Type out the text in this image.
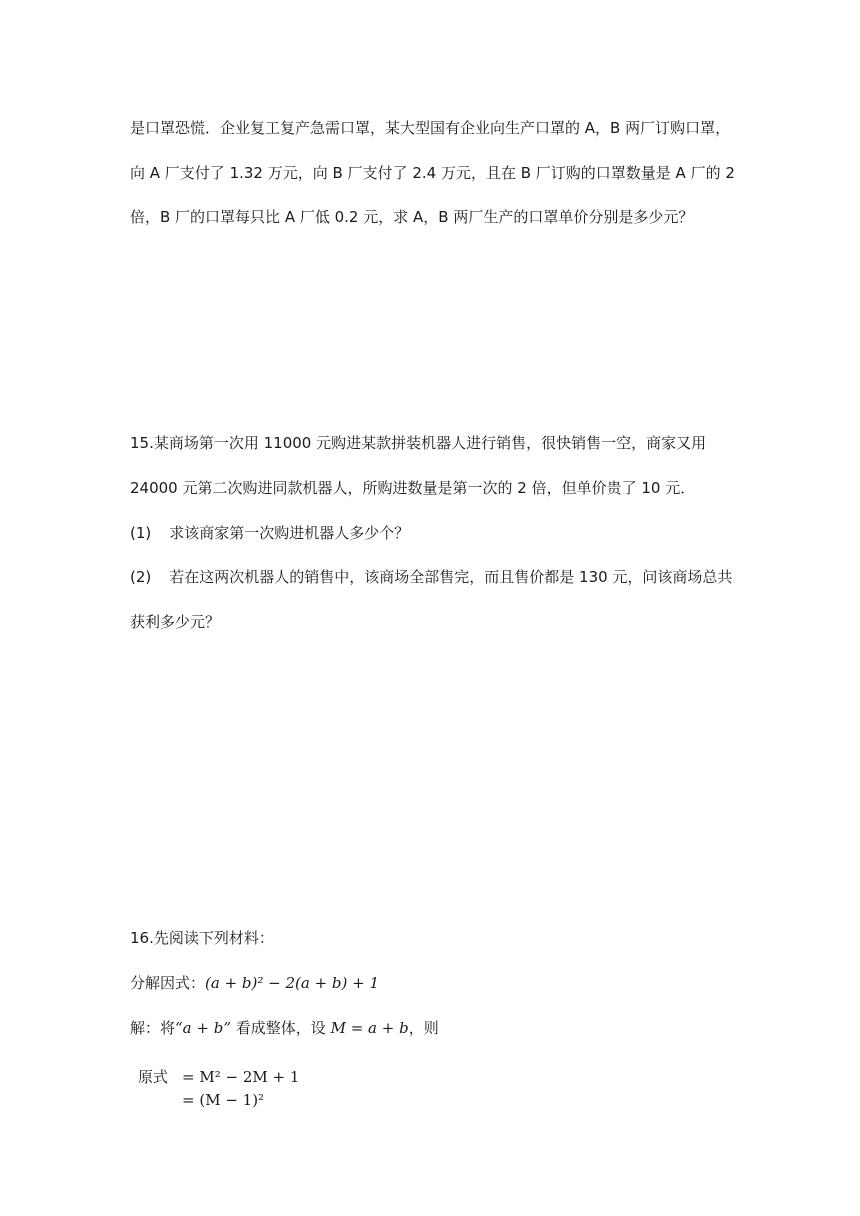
是口罩恐慌．企业复工复产急需口罩，某大型国有企业向生产口罩的 A，B 两厂订购口罩，
向 A 厂支付了 1.32 万元，向 B 厂支付了 2.4 万元，且在 B 厂订购的口罩数量是 A 厂的 2
倍，B 厂的口罩每只比 A 厂低 0.2 元，求 A，B 两厂生产的口罩单价分别是多少元？
15.某商场第一次用 11000 元购进某款拼装机器人进行销售，很快销售一空，商家又用
24000 元第二次购进同款机器人，所购进数量是第一次的 2 倍，但单价贵了 10 元．
(1) 求该商家第一次购进机器人多少个？
(2) 若在这两次机器人的销售中，该商场全部售完，而且售价都是 130 元，问该商场总共
获利多少元？
16.先阅读下列材料：
分解因式：(a + b)² − 2(a + b) + 1
解：将“a + b” 看成整体，设 M = a + b，则
原式 = M² − 2M + 1
= (M − 1)²
